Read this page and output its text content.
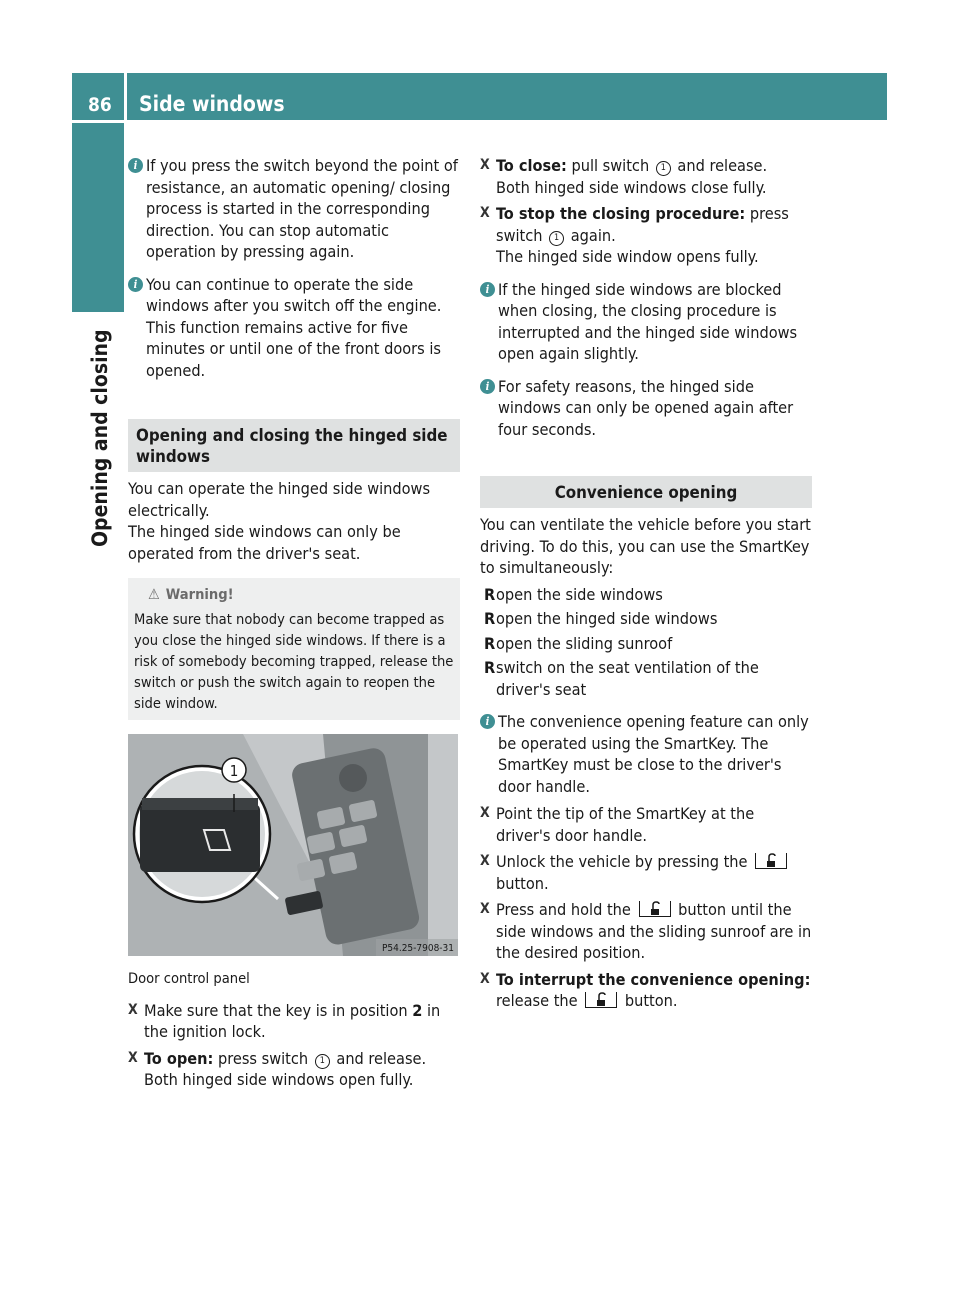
86 Side windows
Opening and closing
i If you press the switch beyond the point of resistance, an automatic opening/ closing process is started in the corresponding direction. You can stop automatic operation by pressing again.

i You can continue to operate the side windows after you switch off the engine. This function remains active for five minutes or until one of the front doors is opened.

Opening and closing the hinged side windows

You can operate the hinged side windows electrically.

The hinged side windows can only be operated from the driver's seat.

⚠ Warning!

Make sure that nobody can become trapped as you close the hinged side windows. If there is a risk of somebody becoming trapped, release the switch or push the switch again to reopen the side window.

1
P54.25-7908-31
Door control panel
X Make sure that the key is in position 2 in the ignition lock.

X To open: press switch 1 and release.
Both hinged side windows open fully.

X To close: pull switch 1 and release.
Both hinged side windows close fully.

X To stop the closing procedure: press switch 1 again.
The hinged side window opens fully.

i If the hinged side windows are blocked when closing, the closing procedure is interrupted and the hinged side windows open again slightly.

i For safety reasons, the hinged side windows can only be opened again after four seconds.

Convenience opening

You can ventilate the vehicle before you start driving. To do this, you can use the SmartKey to simultaneously:

R open the side windows
R open the hinged side windows
R open the sliding sunroof
R switch on the seat ventilation of the driver's seat
i The convenience opening feature can only be operated using the SmartKey. The SmartKey must be close to the driver's door handle.

X Point the tip of the SmartKey at the driver's door handle.

X Unlock the vehicle by pressing the
button.

X Press and hold the
button until the side windows and the sliding sunroof are in the desired position.

X To interrupt the convenience opening: release the
button.
